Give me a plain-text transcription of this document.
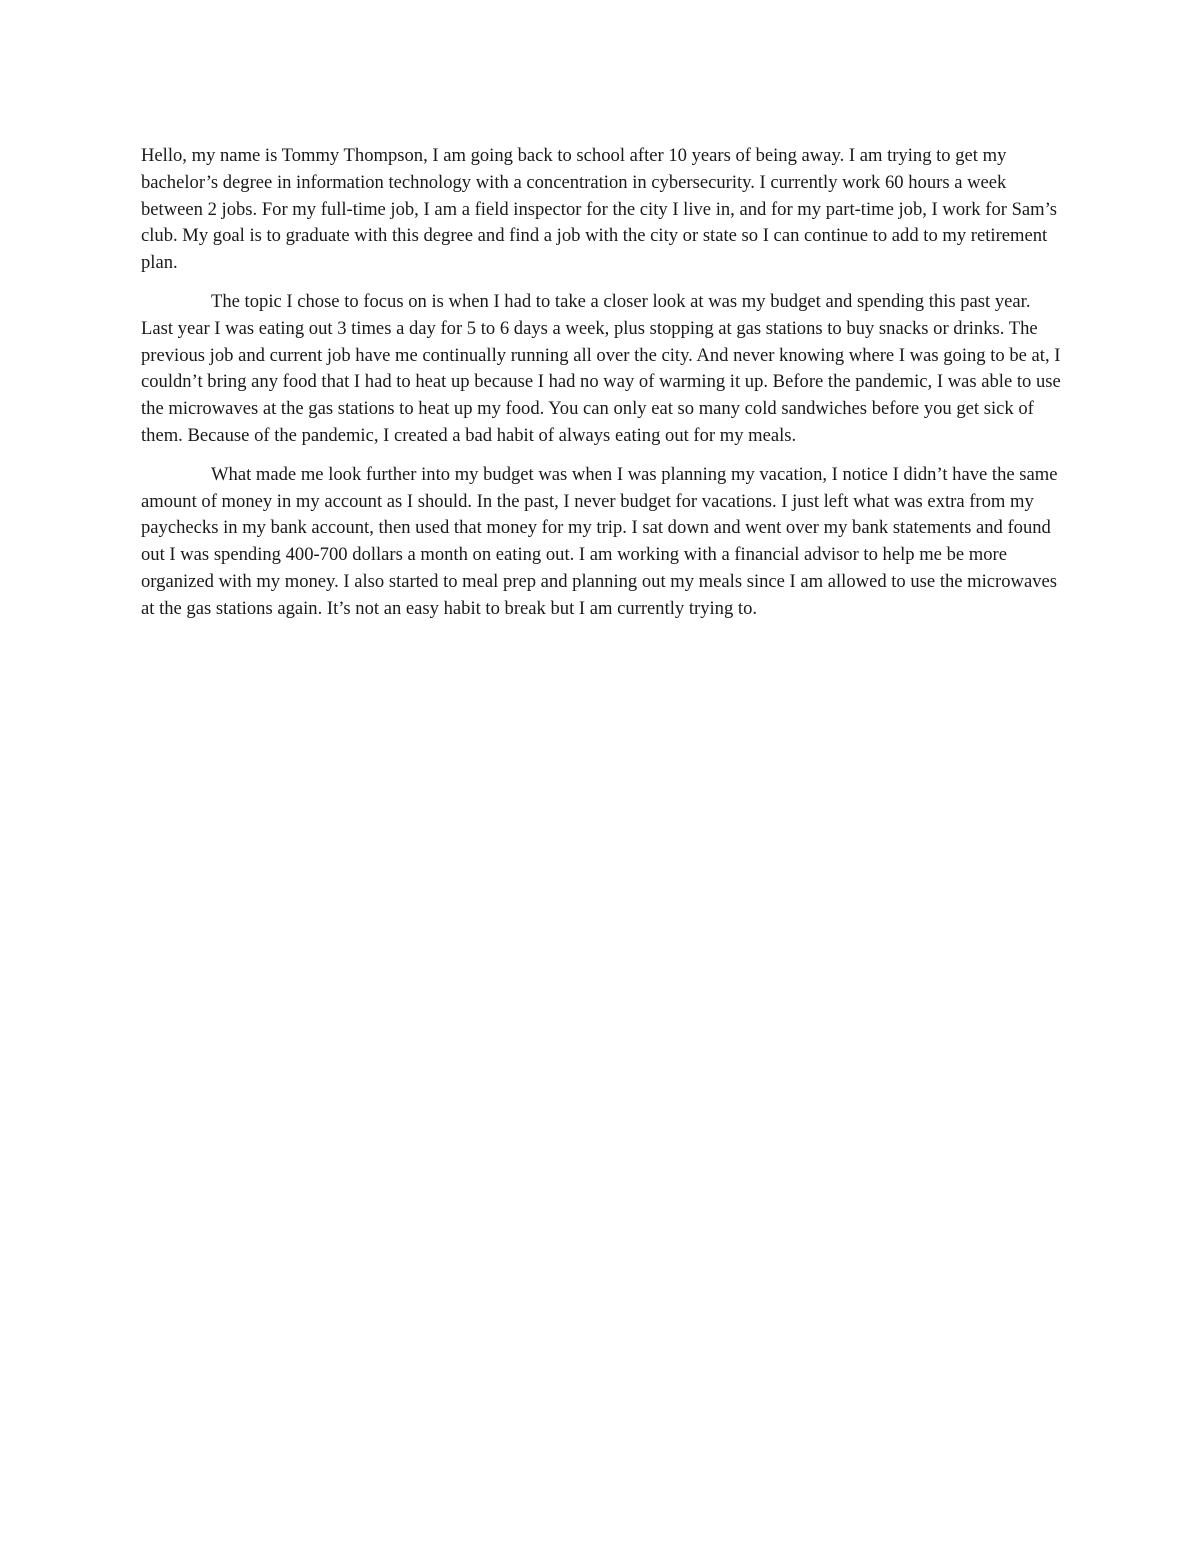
Hello, my name is Tommy Thompson, I am going back to school after 10 years of being away. I am trying to get my bachelor’s degree in information technology with a concentration in cybersecurity. I currently work 60 hours a week between 2 jobs. For my full-time job, I am a field inspector for the city I live in, and for my part-time job, I work for Sam’s club. My goal is to graduate with this degree and find a job with the city or state so I can continue to add to my retirement plan.

The topic I chose to focus on is when I had to take a closer look at was my budget and spending this past year. Last year I was eating out 3 times a day for 5 to 6 days a week, plus stopping at gas stations to buy snacks or drinks. The previous job and current job have me continually running all over the city. And never knowing where I was going to be at, I couldn’t bring any food that I had to heat up because I had no way of warming it up. Before the pandemic, I was able to use the microwaves at the gas stations to heat up my food. You can only eat so many cold sandwiches before you get sick of them. Because of the pandemic, I created a bad habit of always eating out for my meals.

What made me look further into my budget was when I was planning my vacation, I notice I didn’t have the same amount of money in my account as I should. In the past, I never budget for vacations. I just left what was extra from my paychecks in my bank account, then used that money for my trip. I sat down and went over my bank statements and found out I was spending 400-700 dollars a month on eating out. I am working with a financial advisor to help me be more organized with my money. I also started to meal prep and planning out my meals since I am allowed to use the microwaves at the gas stations again. It’s not an easy habit to break but I am currently trying to.
